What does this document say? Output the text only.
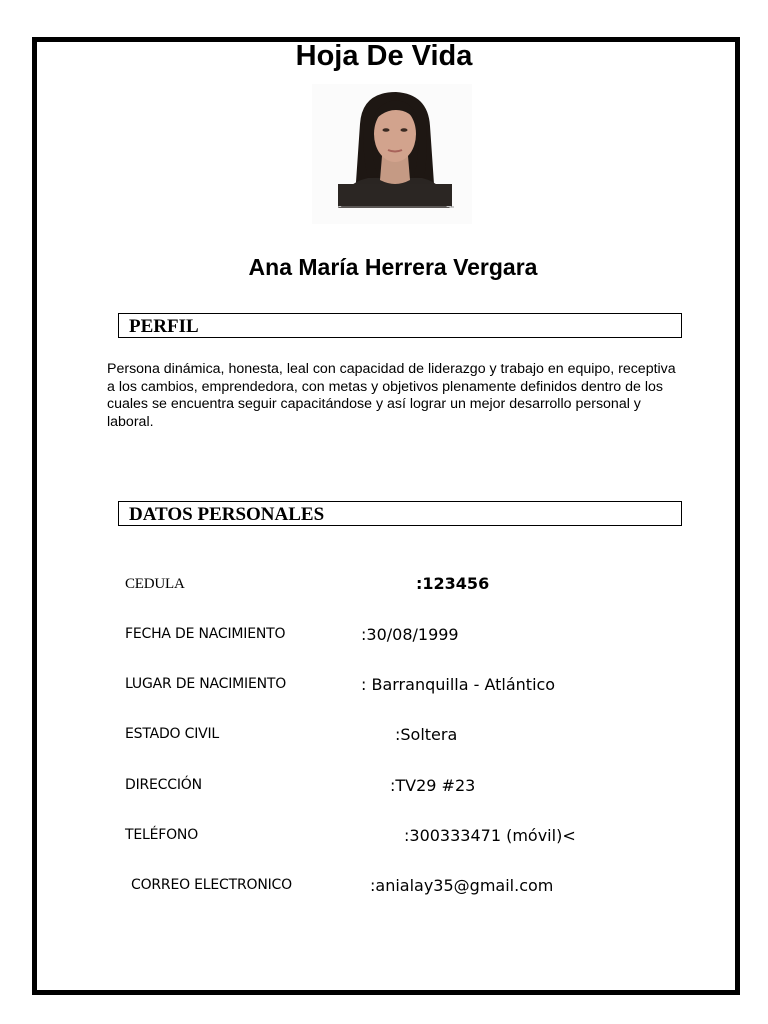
Hoja De Vida
Ana María Herrera Vergara
PERFIL
Persona dinámica, honesta, leal con capacidad de liderazgo y trabajo en equipo, receptiva a los cambios, emprendedora, con metas y objetivos plenamente definidos dentro de los cuales se encuentra seguir capacitándose y así lograr un mejor desarrollo personal y laboral.
DATOS PERSONALES
CEDULA	:123456
FECHA DE NACIMIENTO	:30/08/1999
LUGAR DE NACIMIENTO	: Barranquilla - Atlántico
ESTADO CIVIL	:Soltera
DIRECCIÓN	:TV29 #23
TELÉFONO	:300333471 (móvil)<
CORREO ELECTRONICO	:anialay35@gmail.com
